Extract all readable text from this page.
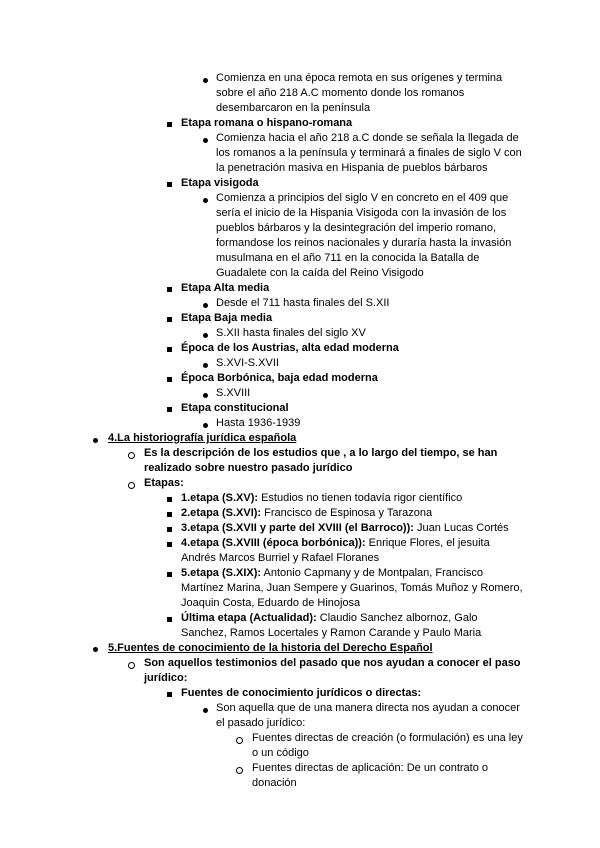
Comienza en una época remota en sus orígenes y termina
sobre el año 218 A.C momento donde los romanos
desembarcaron en la península
Etapa romana o hispano-romana
Comienza hacia el año 218 a.C donde se señala la llegada de
los romanos a la península y terminará a finales de siglo V con
la penetración masiva en Hispania de pueblos bárbaros
Etapa visigoda
Comienza a principios del siglo V en concreto en el 409 que
sería el inicio de la Hispania Visigoda con la invasión de los
pueblos bárbaros y la desintegración del imperio romano,
formandose los reinos nacionales y duraría hasta la invasión
musulmana en el año 711 en la conocida la Batalla de
Guadalete con la caída del Reino Visigodo
Etapa Alta media
Desde el 711 hasta finales del S.XII
Etapa Baja media
S.XII hasta finales del siglo XV
Época de los Austrias, alta edad moderna
S.XVI-S.XVII
Época Borbónica, baja edad moderna
S.XVIII
Etapa constitucional
Hasta 1936-1939
4.La historiografía jurídica española
Es la descripción de los estudios que , a lo largo del tiempo, se han
realizado sobre nuestro pasado jurídico
Etapas:
1.etapa (S.XV): Estudios no tienen todavía rigor científico
2.etapa (S.XVI): Francisco de Espinosa y Tarazona
3.etapa (S.XVII y parte del XVIII (el Barroco)): Juan Lucas Cortés
4.etapa (S.XVIII (época borbónica)): Enrique Flores, el jesuita
Andrés Marcos Burriel y Rafael Floranes
5.etapa (S.XIX): Antonio Capmany y de Montpalan, Francisco
Martínez Marina, Juan Sempere y Guarinos, Tomás Muñoz y Romero,
Joaquin Costa, Eduardo de Hinojosa
Última etapa (Actualidad): Claudio Sanchez albornoz, Galo
Sanchez, Ramos Locertales y Ramon Carande y Paulo Maria
5.Fuentes de conocimiento de la historia del Derecho Español
Son aquellos testimonios del pasado que nos ayudan a conocer el paso
jurídico:
Fuentes de conocimiento jurídicos o directas:
Son aquella que de una manera directa nos ayudan a conocer
el pasado jurídico:
Fuentes directas de creación (o formulación) es una ley
o un código
Fuentes directas de aplicación: De un contrato o
donación
